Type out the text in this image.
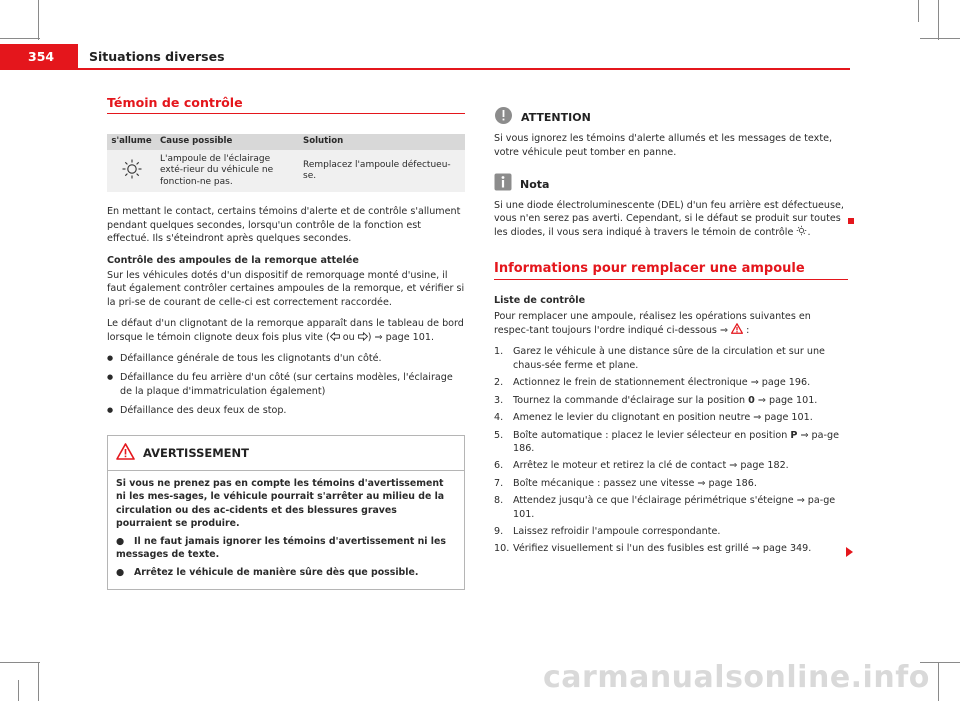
354	Situations diverses
Témoin de contrôle
s'allume	Cause possible	Solution
	L'ampoule de l'éclairage exté-rieur du véhicule ne fonction-ne pas.	Remplacez l'ampoule défectueu-se.

En mettant le contact, certains témoins d'alerte et de contrôle s'allument pendant quelques secondes, lorsqu'un contrôle de la fonction est effectué. Ils s'éteindront après quelques secondes.

Contrôle des ampoules de la remorque attelée

Sur les véhicules dotés d'un dispositif de remorquage monté d'usine, il faut également contrôler certaines ampoules de la remorque, et vérifier si la pri-se de courant de celle-ci est correctement raccordée.

Le défaut d'un clignotant de la remorque apparaît dans le tableau de bord lorsque le témoin clignote deux fois plus vite ( ou ) ⇒ page 101.

● Défaillance générale de tous les clignotants d'un côté.
● Défaillance du feu arrière d'un côté (sur certains modèles, l'éclairage de la plaque d'immatriculation également)
● Défaillance des deux feux de stop.
AVERTISSEMENT

Si vous ne prenez pas en compte les témoins d'avertissement ni les mes-sages, le véhicule pourrait s'arrêter au milieu de la circulation ou des ac-cidents et des blessures graves pourraient se produire.

●   Il ne faut jamais ignorer les témoins d'avertissement ni les messages de texte.

●   Arrêtez le véhicule de manière sûre dès que possible.

ATTENTION

Si vous ignorez les témoins d'alerte allumés et les messages de texte, votre véhicule peut tomber en panne.

Nota

Si une diode électroluminescente (DEL) d'un feu arrière est défectueuse, vous n'en serez pas averti. Cependant, si le défaut se produit sur toutes les diodes, il vous sera indiqué à travers le témoin de contrôle .

Informations pour remplacer une ampoule

Liste de contrôle

Pour remplacer une ampoule, réalisez les opérations suivantes en respec-tant toujours l'ordre indiqué ci-dessous ⇒  :

1. Garez le véhicule à une distance sûre de la circulation et sur une chaus-sée ferme et plane.
2. Actionnez le frein de stationnement électronique ⇒ page 196.
3. Tournez la commande d'éclairage sur la position 0 ⇒ page 101.
4. Amenez le levier du clignotant en position neutre ⇒ page 101.
5. Boîte automatique : placez le levier sélecteur en position P ⇒ pa-ge 186.
6. Arrêtez le moteur et retirez la clé de contact ⇒ page 182.
7. Boîte mécanique : passez une vitesse ⇒ page 186.
8. Attendez jusqu'à ce que l'éclairage périmétrique s'éteigne ⇒ pa-ge 101.
9. Laissez refroidir l'ampoule correspondante.
10. Vérifiez visuellement si l'un des fusibles est grillé ⇒ page 349.
carmanualsonline.info
